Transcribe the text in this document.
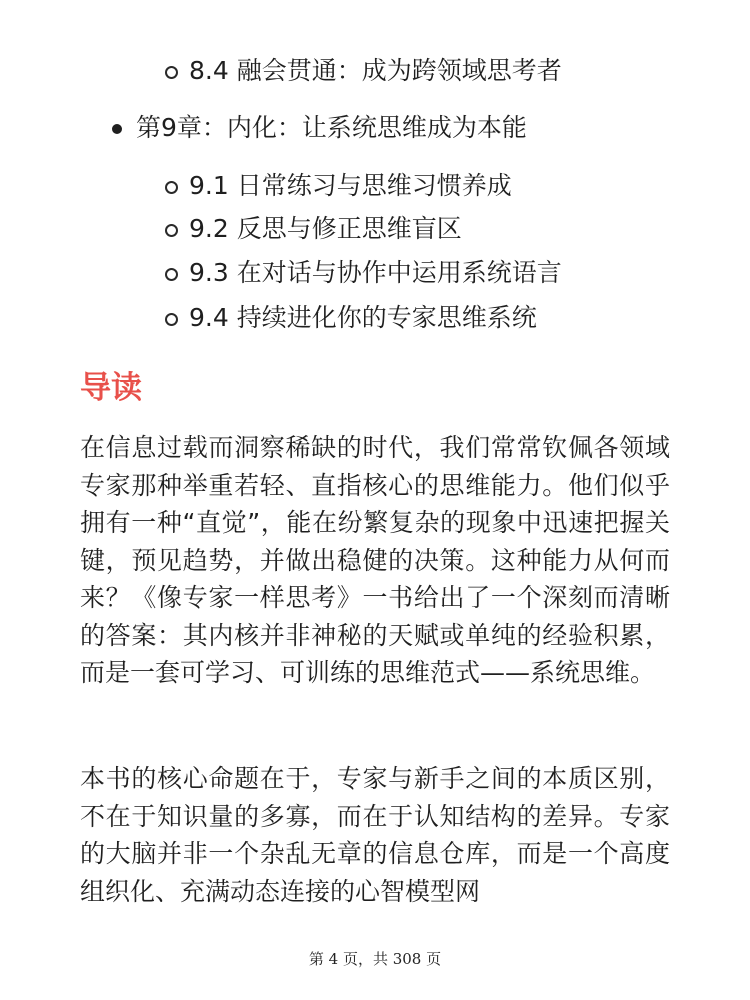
8.4 融会贯通：成为跨领域思考者
第9章：内化：让系统思维成为本能
9.1 日常练习与思维习惯养成
9.2 反思与修正思维盲区
9.3 在对话与协作中运用系统语言
9.4 持续进化你的专家思维系统
导读

在信息过载而洞察稀缺的时代，我们常常钦佩各领域专家那种举重若轻、直指核心的思维能力。他们似乎拥有一种“直觉”，能在纷繁复杂的现象中迅速把握关键，预见趋势，并做出稳健的决策。这种能力从何而来？《像专家一样思考》一书给出了一个深刻而清晰的答案：其内核并非神秘的天赋或单纯的经验积累，而是一套可学习、可训练的思维范式——系统思维。

本书的核心命题在于，专家与新手之间的本质区别，不在于知识量的多寡，而在于认知结构的差异。专家的大脑并非一个杂乱无章的信息仓库，而是一个高度组织化、充满动态连接的心智模型网

第 4 页，共 308 页
